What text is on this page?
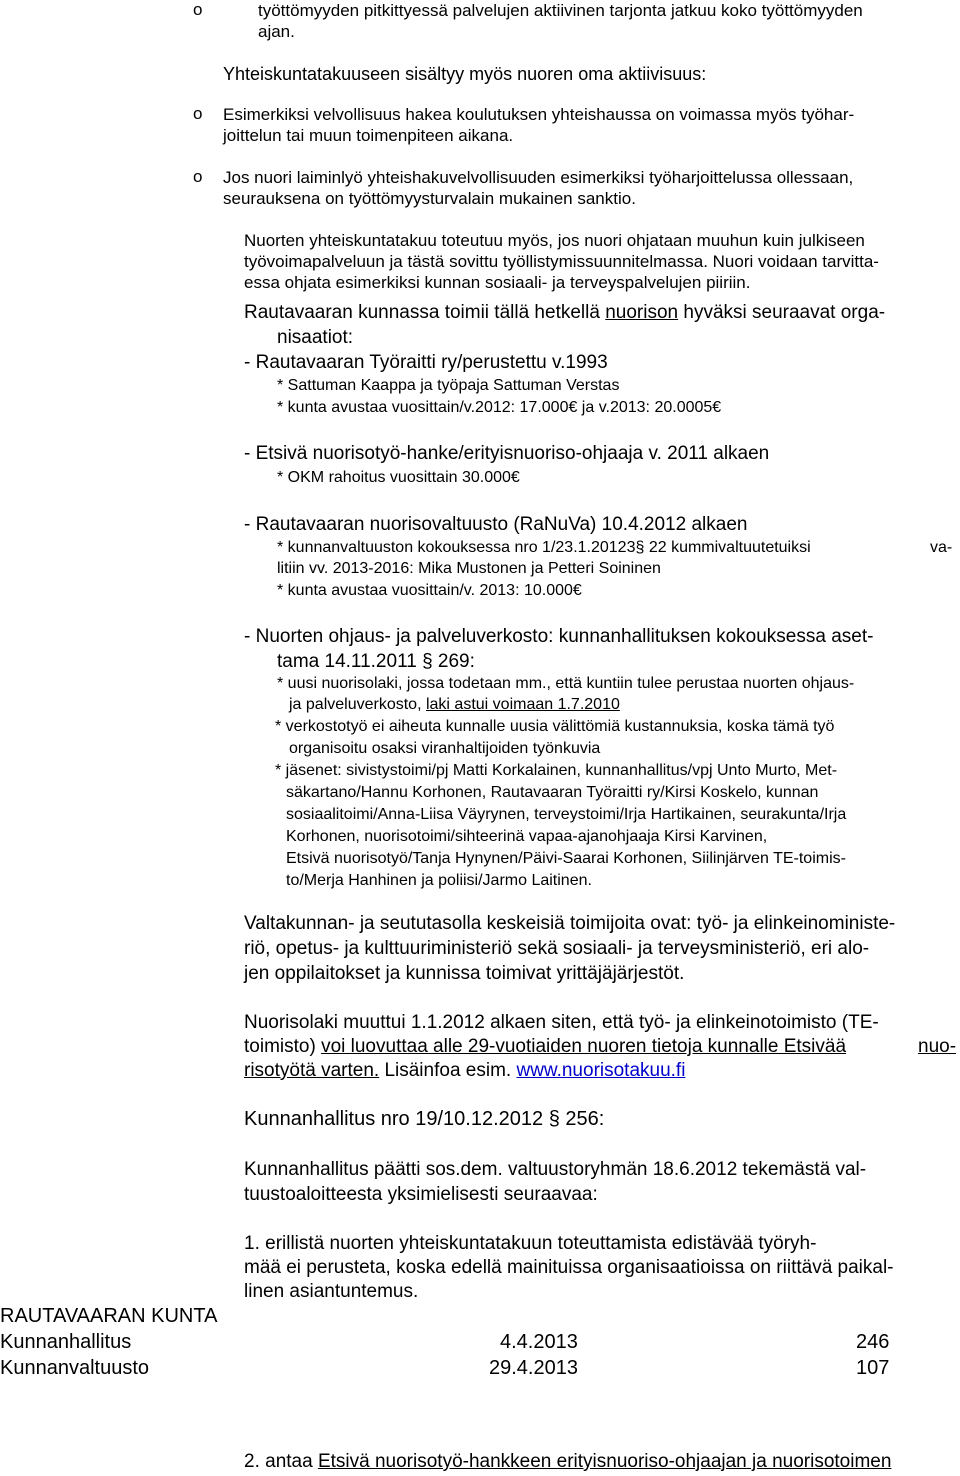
o	työttömyyden pitkittyessä palvelujen aktiivinen tarjonta jatkuu koko työttömyyden
ajan.
Yhteiskuntatakuuseen sisältyy myös nuoren oma aktiivisuus:
o Esimerkiksi velvollisuus hakea koulutuksen yhteishaussa on voimassa myös työhar-
joittelun tai muun toimenpiteen aikana.
o Jos nuori laiminlyö yhteishakuvelvollisuuden esimerkiksi työharjoittelussa ollessaan,
seurauksena on työttömyysturvalain mukainen sanktio.
Nuorten yhteiskuntatakuu toteutuu myös, jos nuori ohjataan muuhun kuin julkiseen
työvoimapalveluun ja tästä sovittu työllistymissuunnitelmassa. Nuori voidaan tarvitta-
essa ohjata esimerkiksi kunnan sosiaali- ja terveyspalvelujen piiriin.
Rautavaaran kunnassa toimii tällä hetkellä nuorison hyväksi seuraavat orga-
nisaatiot:
- Rautavaaran Työraitti ry/perustettu v.1993
* Sattuman Kaappa ja työpaja Sattuman Verstas
* kunta avustaa vuosittain/v.2012: 17.000€ ja v.2013: 20.0005€
- Etsivä nuorisotyö-hanke/erityisnuoriso-ohjaaja v. 2011 alkaen
* OKM rahoitus vuosittain 30.000€
- Rautavaaran nuorisovaltuusto (RaNuVa) 10.4.2012 alkaen
* kunnanvaltuuston kokouksessa nro 1/23.1.20123§ 22 kummivaltuutetuiksi	va-
litiin vv. 2013-2016: Mika Mustonen ja Petteri Soininen
* kunta avustaa vuosittain/v. 2013: 10.000€
- Nuorten ohjaus- ja palveluverkosto: kunnanhallituksen kokouksessa aset-
tama 14.11.2011 § 269:
* uusi nuorisolaki, jossa todetaan mm., että kuntiin tulee perustaa nuorten ohjaus-
ja palveluverkosto, laki astui voimaan 1.7.2010
* verkostotyö ei aiheuta kunnalle uusia välittömiä kustannuksia, koska tämä työ
organisoitu osaksi viranhaltijoiden työnkuvia
* jäsenet: sivistystoimi/pj Matti Korkalainen, kunnanhallitus/vpj Unto Murto, Met-
säkartano/Hannu Korhonen, Rautavaaran Työraitti ry/Kirsi Koskelo, kunnan
sosiaalitoimi/Anna-Liisa Väyrynen, terveystoimi/Irja Hartikainen, seurakunta/Irja
Korhonen, nuorisotoimi/sihteerinä vapaa-ajanohjaaja Kirsi Karvinen,
Etsivä nuorisotyö/Tanja Hynynen/Päivi-Saarai Korhonen, Siilinjärven TE-toimis-
to/Merja Hanhinen ja poliisi/Jarmo Laitinen.
Valtakunnan- ja seututasolla keskeisiä toimijoita ovat: työ- ja elinkeinoministe-
riö, opetus- ja kulttuuriministeriö sekä sosiaali- ja terveysministeriö, eri alo-
jen oppilaitokset ja kunnissa toimivat yrittäjäjärjestöt.
Nuorisolaki muuttui 1.1.2012 alkaen siten, että työ- ja elinkeinotoimisto (TE-
toimisto) voi luovuttaa alle 29-vuotiaiden nuoren tietoja kunnalle Etsivää	nuo-
risotyötä varten. Lisäinfoa esim. www.nuorisotakuu.fi
Kunnanhallitus nro 19/10.12.2012 § 256:
Kunnanhallitus päätti sos.dem. valtuustoryhmän 18.6.2012 tekemästä val-
tuustoaloitteesta yksimielisesti seuraavaa:
1. erillistä nuorten yhteiskuntatakuun toteuttamista edistävää työryh-
mää ei perusteta, koska edellä mainituissa organisaatioissa on riittävä paikal-
linen asiantuntemus.
RAUTAVAARAN KUNTA
Kunnanhallitus	4.4.2013	246
Kunnanvaltuusto	29.4.2013	107
2. antaa Etsivä nuorisotyö-hankkeen erityisnuoriso-ohjaajan ja nuorisotoimen
